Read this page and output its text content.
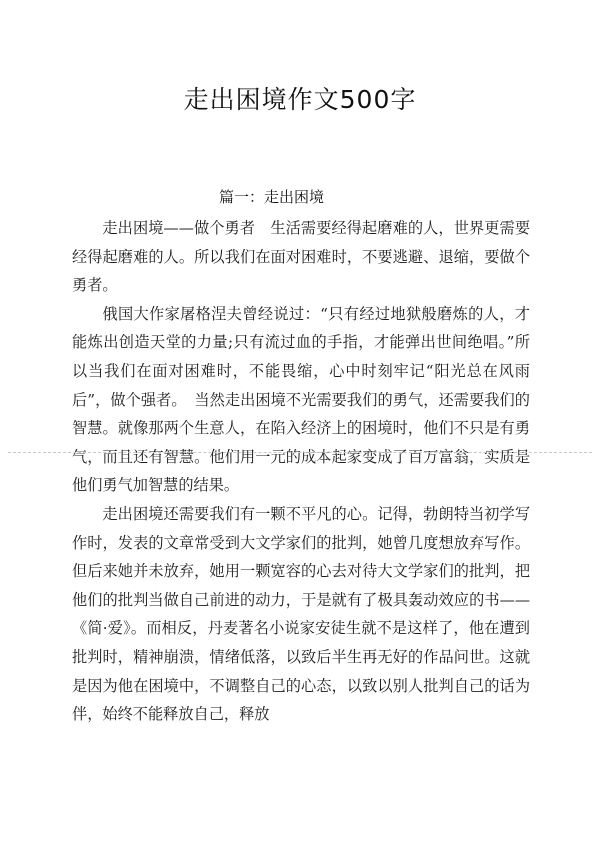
走出困境作文500字
篇一：走出困境

走出困境——做个勇者　生活需要经得起磨难的人，世界更需要经得起磨难的人。所以我们在面对困难时，不要逃避、退缩，要做个勇者。

俄国大作家屠格涅夫曾经说过：“只有经过地狱般磨炼的人，才能炼出创造天堂的力量;只有流过血的手指，才能弹出世间绝唱。”所以当我们在面对困难时，不能畏缩，心中时刻牢记“阳光总在风雨后”，做个强者。　当然走出困境不光需要我们的勇气，还需要我们的智慧。就像那两个生意人，在陷入经济上的困境时，他们不只是有勇气，而且还有智慧。他们用一元的成本起家变成了百万富翁，实质是他们勇气加智慧的结果。

走出困境还需要我们有一颗不平凡的心。记得，勃朗特当初学写作时，发表的文章常受到大文学家们的批判，她曾几度想放弃写作。但后来她并未放弃，她用一颗宽容的心去对待大文学家们的批判，把他们的批判当做自己前进的动力，于是就有了极具轰动效应的书——《简·爱》。而相反，丹麦著名小说家安徒生就不是这样了，他在遭到批判时，精神崩溃，情绪低落，以致后半生再无好的作品问世。这就是因为他在困境中，不调整自己的心态，以致以别人批判自己的话为伴，始终不能释放自己，释放
